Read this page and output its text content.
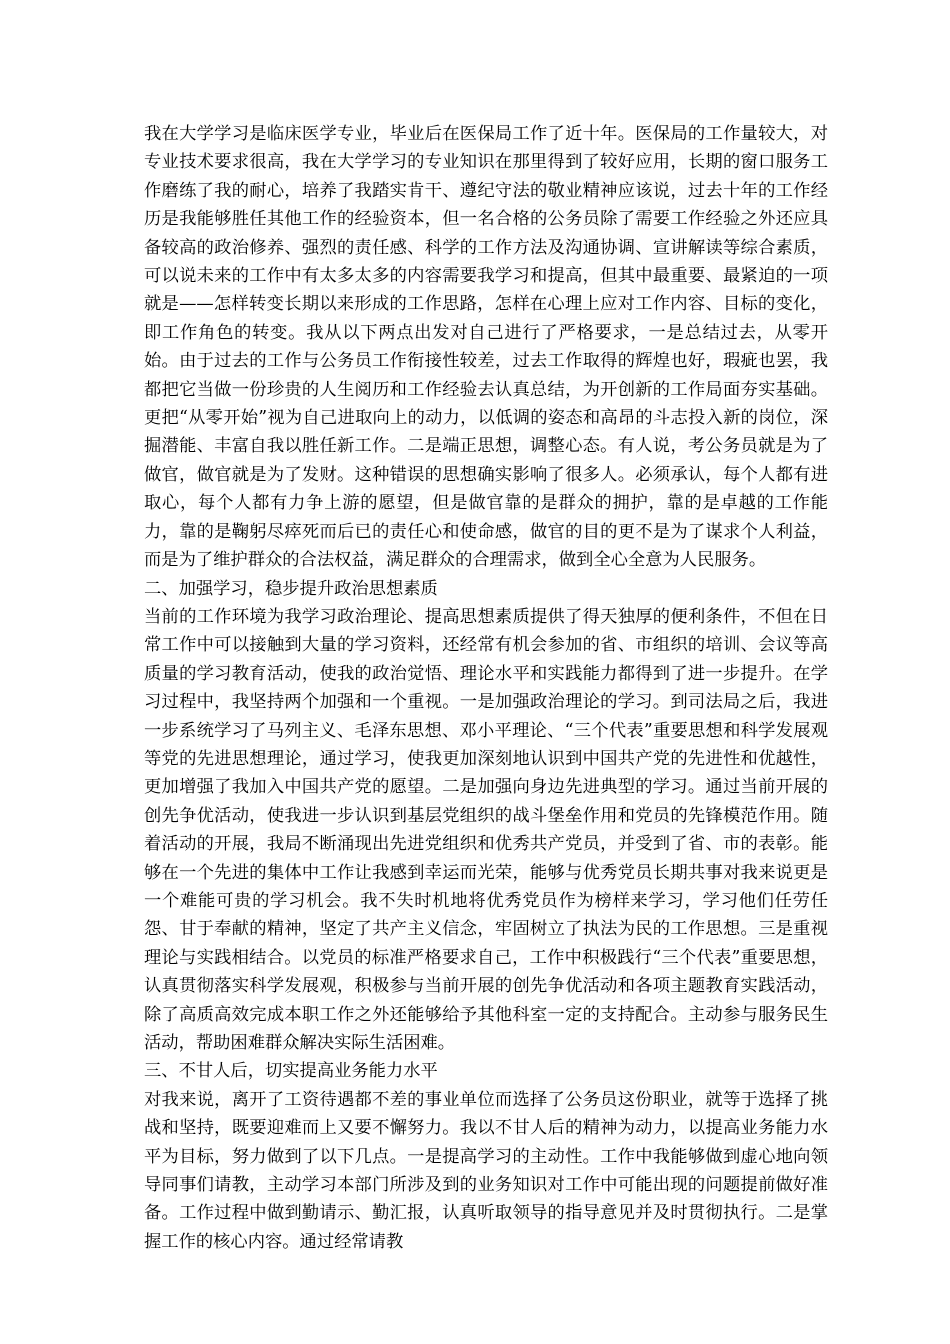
我在大学学习是临床医学专业，毕业后在医保局工作了近十年。医保局的工作量较大，对专业技术要求很高，我在大学学习的专业知识在那里得到了较好应用，长期的窗口服务工作磨练了我的耐心，培养了我踏实肯干、遵纪守法的敬业精神应该说，过去十年的工作经历是我能够胜任其他工作的经验资本，但一名合格的公务员除了需要工作经验之外还应具备较高的政治修养、强烈的责任感、科学的工作方法及沟通协调、宣讲解读等综合素质，可以说未来的工作中有太多太多的内容需要我学习和提高，但其中最重要、最紧迫的一项就是——怎样转变长期以来形成的工作思路，怎样在心理上应对工作内容、目标的变化，即工作角色的转变。我从以下两点出发对自己进行了严格要求，一是总结过去，从零开始。由于过去的工作与公务员工作衔接性较差，过去工作取得的辉煌也好，瑕疵也罢，我都把它当做一份珍贵的人生阅历和工作经验去认真总结，为开创新的工作局面夯实基础。更把“从零开始”视为自己进取向上的动力，以低调的姿态和高昂的斗志投入新的岗位，深掘潜能、丰富自我以胜任新工作。二是端正思想，调整心态。有人说，考公务员就是为了做官，做官就是为了发财。这种错误的思想确实影响了很多人。必须承认，每个人都有进取心，每个人都有力争上游的愿望，但是做官靠的是群众的拥护，靠的是卓越的工作能力，靠的是鞠躬尽瘁死而后已的责任心和使命感，做官的目的更不是为了谋求个人利益，而是为了维护群众的合法权益，满足群众的合理需求，做到全心全意为人民服务。

二、加强学习，稳步提升政治思想素质

当前的工作环境为我学习政治理论、提高思想素质提供了得天独厚的便利条件，不但在日常工作中可以接触到大量的学习资料，还经常有机会参加的省、市组织的培训、会议等高质量的学习教育活动，使我的政治觉悟、理论水平和实践能力都得到了进一步提升。在学习过程中，我坚持两个加强和一个重视。一是加强政治理论的学习。到司法局之后，我进一步系统学习了马列主义、毛泽东思想、邓小平理论、“三个代表”重要思想和科学发展观等党的先进思想理论，通过学习，使我更加深刻地认识到中国共产党的先进性和优越性，更加增强了我加入中国共产党的愿望。二是加强向身边先进典型的学习。通过当前开展的创先争优活动，使我进一步认识到基层党组织的战斗堡垒作用和党员的先锋模范作用。随着活动的开展，我局不断涌现出先进党组织和优秀共产党员，并受到了省、市的表彰。能够在一个先进的集体中工作让我感到幸运而光荣，能够与优秀党员长期共事对我来说更是一个难能可贵的学习机会。我不失时机地将优秀党员作为榜样来学习，学习他们任劳任怨、甘于奉献的精神，坚定了共产主义信念，牢固树立了执法为民的工作思想。三是重视理论与实践相结合。以党员的标准严格要求自己，工作中积极践行“三个代表”重要思想，认真贯彻落实科学发展观，积极参与当前开展的创先争优活动和各项主题教育实践活动，除了高质高效完成本职工作之外还能够给予其他科室一定的支持配合。主动参与服务民生活动，帮助困难群众解决实际生活困难。

三、不甘人后，切实提高业务能力水平

对我来说，离开了工资待遇都不差的事业单位而选择了公务员这份职业，就等于选择了挑战和坚持，既要迎难而上又要不懈努力。我以不甘人后的精神为动力，以提高业务能力水平为目标，努力做到了以下几点。一是提高学习的主动性。工作中我能够做到虚心地向领导同事们请教，主动学习本部门所涉及到的业务知识对工作中可能出现的问题提前做好准备。工作过程中做到勤请示、勤汇报，认真听取领导的指导意见并及时贯彻执行。二是掌握工作的核心内容。通过经常请教
